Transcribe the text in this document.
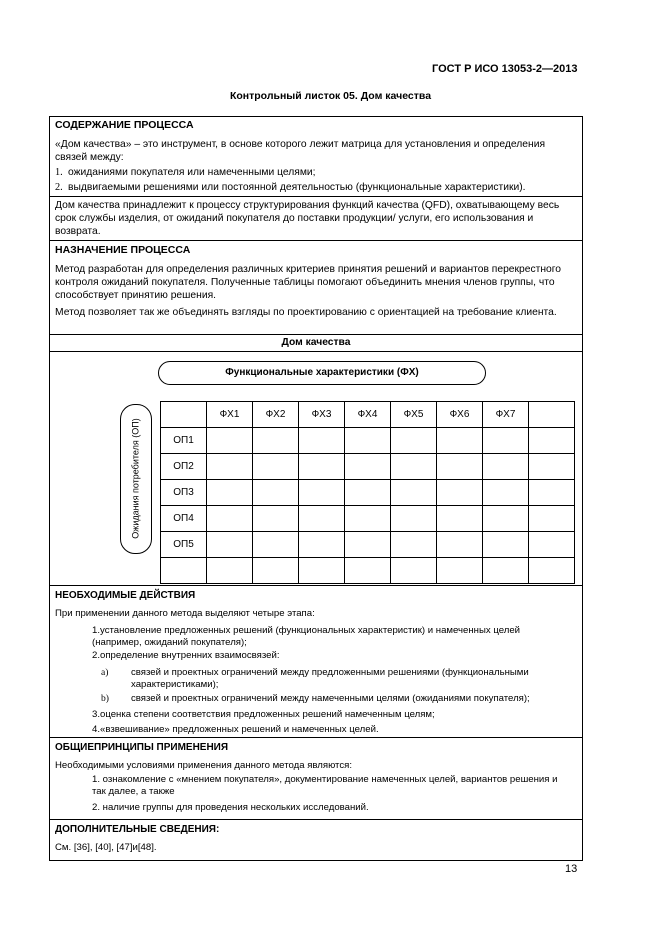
ГОСТ Р ИСО 13053-2—2013
Контрольный листок 05. Дом качества
СОДЕРЖАНИЕ ПРОЦЕССА
«Дом качества» – это инструмент, в основе которого лежит матрица для установления и определения связей между:
1. ожиданиями покупателя или намеченными целями;
2. выдвигаемыми решениями или постоянной деятельностью (функциональные характеристики).
Дом качества принадлежит к процессу структурирования функций качества (QFD), охватывающему весь срок службы изделия, от ожиданий покупателя до поставки продукции/ услуги, его использования и возврата.
НАЗНАЧЕНИЕ ПРОЦЕССА
Метод разработан для определения различных критериев принятия решений и вариантов перекрестного контроля ожиданий покупателя. Полученные таблицы помогают объединить мнения членов группы, что способствует принятию решения.
Метод позволяет так же объединять взгляды по проектированию с ориентацией на требование клиента.
Дом качества
Функциональные характеристики (ФХ)
Ожидания потребителя (ОП)
	ФХ1	ФХ2	ФХ3	ФХ4	ФХ5	ФХ6	ФХ7	
ОП1								
ОП2								
ОП3								
ОП4								
ОП5								

НЕОБХОДИМЫЕ ДЕЙСТВИЯ
При применении данного метода выделяют четыре этапа:
1.установление предложенных решений (функциональных характеристик) и намеченных целей (например, ожиданий покупателя);
2.определение внутренних взаимосвязей:
а) связей и проектных ограничений между предложенными решениями (функциональными характеристиками);
b) связей и проектных ограничений между намеченными целями (ожиданиями покупателя);
3.оценка степени соответствия предложенных решений намеченным целям;
4.«взвешивание» предложенных решений и намеченных целей.
ОБЩИЕПРИНЦИПЫ ПРИМЕНЕНИЯ
Необходимыми условиями применения данного метода являются:
1. ознакомление с «мнением покупателя», документирование намеченных целей, вариантов решения и так далее, а также
2. наличие группы для проведения нескольких исследований.
ДОПОЛНИТЕЛЬНЫЕ СВЕДЕНИЯ:
См. [36], [40], [47]и[48].
13
